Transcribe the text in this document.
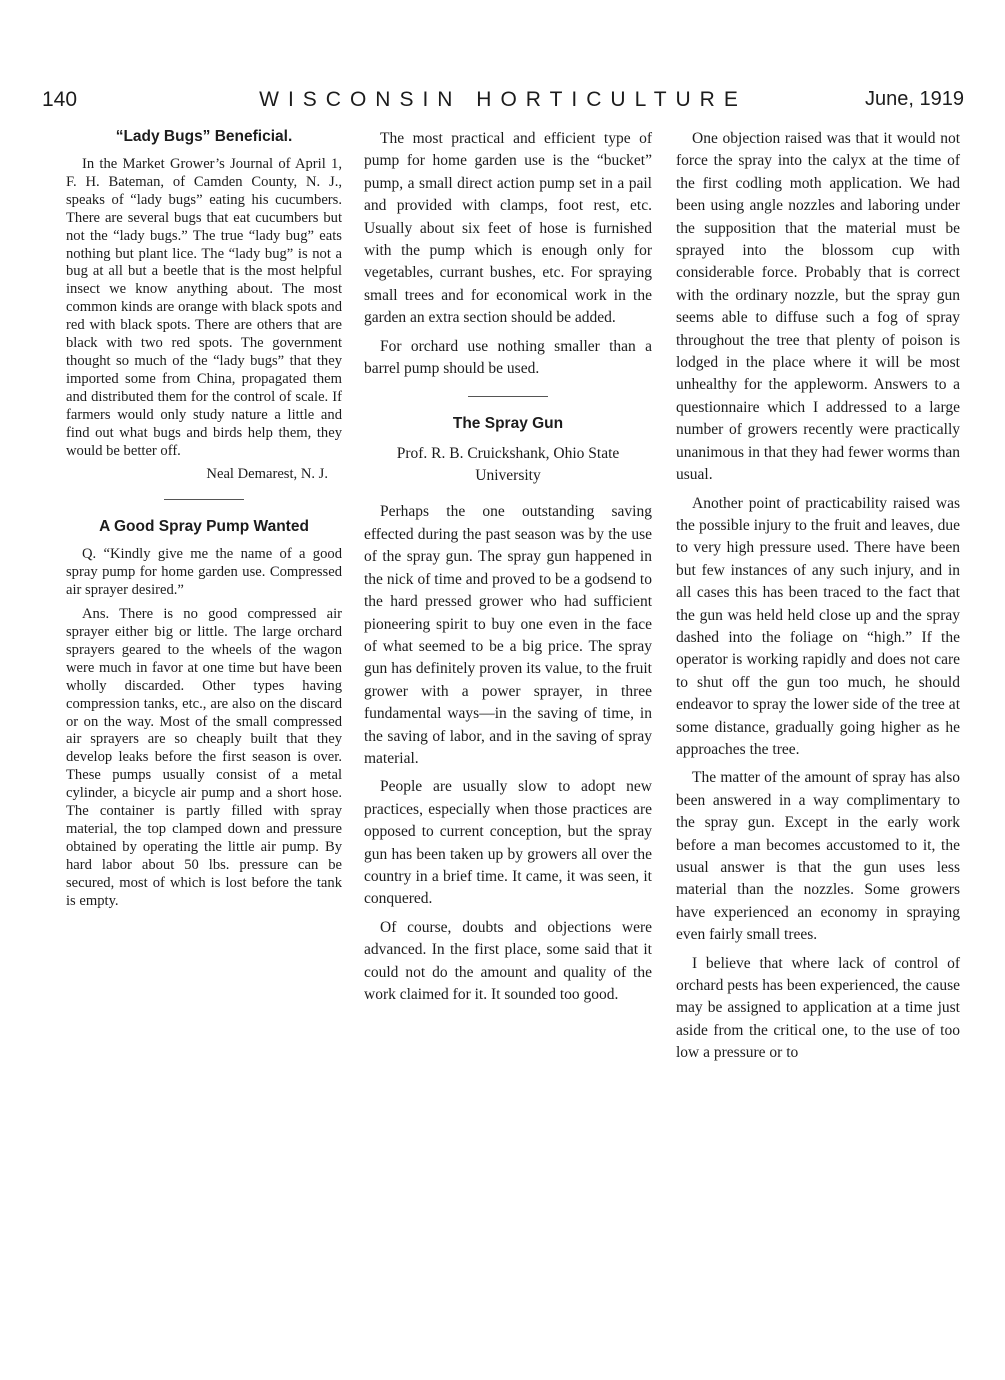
140	WISCONSIN HORTICULTURE	June, 1919
“Lady Bugs” Beneficial.

In the Market Grower’s Journal of April 1, F. H. Bateman, of Camden County, N. J., speaks of “lady bugs” eating his cucumbers. There are several bugs that eat cucumbers but not the “lady bugs.” The true “lady bug” eats nothing but plant lice. The “lady bug” is not a bug at all but a beetle that is the most helpful insect we know anything about. The most common kinds are orange with black spots and red with black spots. There are others that are black with two red spots. The government thought so much of the “lady bugs” that they imported some from China, propagated them and distributed them for the control of scale. If farmers would only study nature a little and find out what bugs and birds help them, they would be better off.

Neal Demarest, N. J.
A Good Spray Pump Wanted

Q. “Kindly give me the name of a good spray pump for home garden use. Compressed air sprayer desired.”

Ans. There is no good compressed air sprayer either big or little. The large orchard sprayers geared to the wheels of the wagon were much in favor at one time but have been wholly discarded. Other types having compression tanks, etc., are also on the discard or on the way. Most of the small compressed air sprayers are so cheaply built that they develop leaks before the first season is over. These pumps usually consist of a metal cylinder, a bicycle air pump and a short hose. The container is partly filled with spray material, the top clamped down and pressure obtained by operating the little air pump. By hard labor about 50 lbs. pressure can be secured, most of which is lost before the tank is empty.

The most practical and efficient type of pump for home garden use is the “bucket” pump, a small direct action pump set in a pail and provided with clamps, foot rest, etc. Usually about six feet of hose is furnished with the pump which is enough only for vegetables, currant bushes, etc. For spraying small trees and for economical work in the garden an extra section should be added.

For orchard use nothing smaller than a barrel pump should be used.

The Spray Gun
Prof. R. B. Cruickshank, Ohio State University

Perhaps the one outstanding saving effected during the past season was by the use of the spray gun. The spray gun happened in the nick of time and proved to be a godsend to the hard pressed grower who had sufficient pioneering spirit to buy one even in the face of what seemed to be a big price. The spray gun has definitely proven its value, to the fruit grower with a power sprayer, in three fundamental ways—in the saving of time, in the saving of labor, and in the saving of spray material.

People are usually slow to adopt new practices, especially when those practices are opposed to current conception, but the spray gun has been taken up by growers all over the country in a brief time. It came, it was seen, it conquered.

Of course, doubts and objections were advanced. In the first place, some said that it could not do the amount and quality of the work claimed for it. It sounded too good.

One objection raised was that it would not force the spray into the calyx at the time of the first codling moth application. We had been using angle nozzles and laboring under the supposition that the material must be sprayed into the blossom cup with considerable force. Probably that is correct with the ordinary nozzle, but the spray gun seems able to diffuse such a fog of spray throughout the tree that plenty of poison is lodged in the place where it will be most unhealthy for the appleworm. Answers to a questionnaire which I addressed to a large number of growers recently were practically unanimous in that they had fewer worms than usual.

Another point of practicability raised was the possible injury to the fruit and leaves, due to very high pressure used. There have been but few instances of any such injury, and in all cases this has been traced to the fact that the gun was held held close up and the spray dashed into the foliage on “high.” If the operator is working rapidly and does not care to shut off the gun too much, he should endeavor to spray the lower side of the tree at some distance, gradually going higher as he approaches the tree.

The matter of the amount of spray has also been answered in a way complimentary to the spray gun. Except in the early work before a man becomes accustomed to it, the usual answer is that the gun uses less material than the nozzles. Some growers have experienced an economy in spraying even fairly small trees.

I believe that where lack of control of orchard pests has been experienced, the cause may be assigned to application at a time just aside from the critical one, to the use of too low a pressure or to
